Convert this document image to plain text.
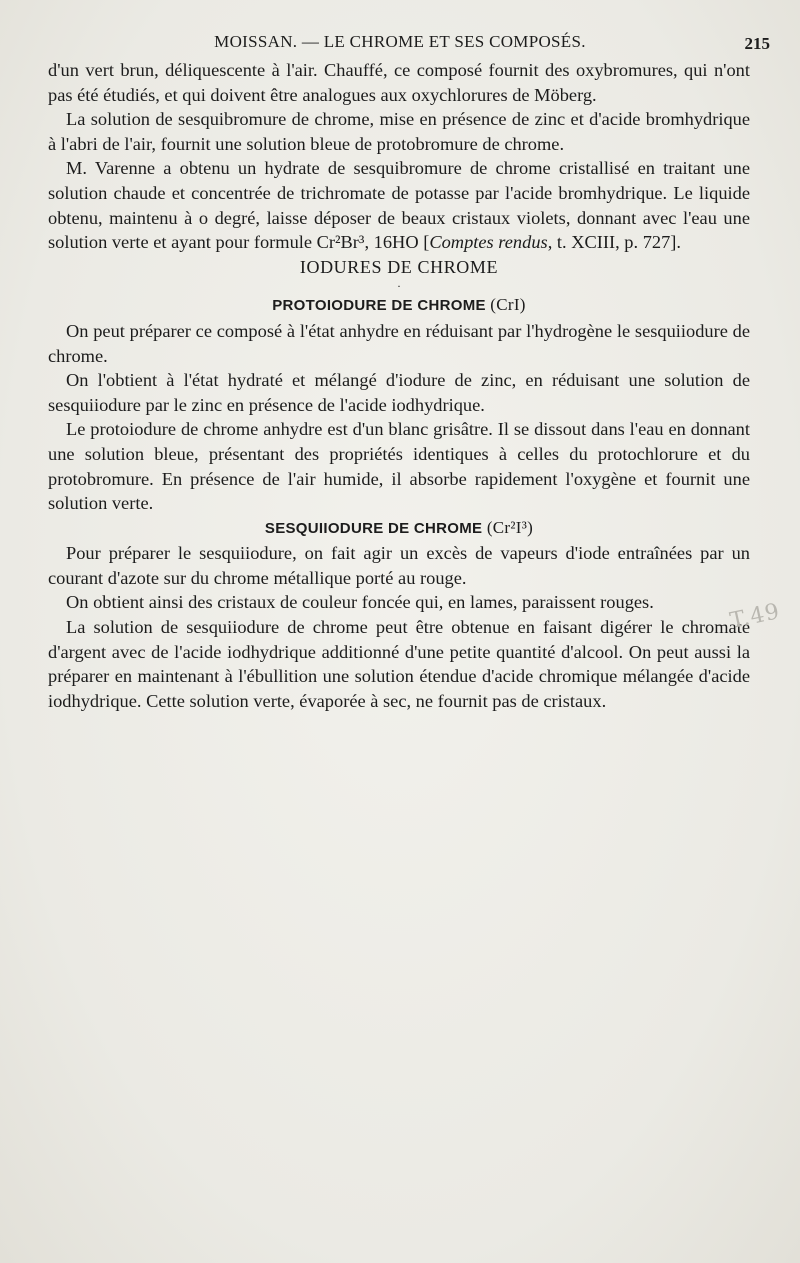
MOISSAN. — LE CHROME ET SES COMPOSÉS.	215

d'un vert brun, déliquescente à l'air. Chauffé, ce composé fournit des oxybromures, qui n'ont pas été étudiés, et qui doivent être analogues aux oxychlorures de Möberg.

La solution de sesquibromure de chrome, mise en présence de zinc et d'acide bromhydrique à l'abri de l'air, fournit une solution bleue de protobromure de chrome.

M. Varenne a obtenu un hydrate de sesquibromure de chrome cristallisé en traitant une solution chaude et concentrée de trichromate de potasse par l'acide bromhydrique. Le liquide obtenu, maintenu à o degré, laisse déposer de beaux cristaux violets, donnant avec l'eau une solution verte et ayant pour formule Cr²Br³, 16HO [Comptes rendus, t. XCIII, p. 727].

IODURES DE CHROME

·

PROTOIODURE DE CHROME (CrI)

On peut préparer ce composé à l'état anhydre en réduisant par l'hydrogène le sesquiiodure de chrome.

On l'obtient à l'état hydraté et mélangé d'iodure de zinc, en réduisant une solution de sesquiiodure par le zinc en présence de l'acide iodhydrique.

Le protoiodure de chrome anhydre est d'un blanc grisâtre. Il se dissout dans l'eau en donnant une solution bleue, présentant des propriétés identiques à celles du protochlorure et du protobromure. En présence de l'air humide, il absorbe rapidement l'oxygène et fournit une solution verte.

SESQUIIODURE DE CHROME (Cr²I³)

Pour préparer le sesquiiodure, on fait agir un excès de vapeurs d'iode entraînées par un courant d'azote sur du chrome métallique porté au rouge.

On obtient ainsi des cristaux de couleur foncée qui, en lames, paraissent rouges.

La solution de sesquiiodure de chrome peut être obtenue en faisant digérer le chromate d'argent avec de l'acide iodhydrique additionné d'une petite quantité d'alcool. On peut aussi la préparer en maintenant à l'ébullition une solution étendue d'acide chromique mélangée d'acide iodhydrique. Cette solution verte, évaporée à sec, ne fournit pas de cristaux.

T.49
